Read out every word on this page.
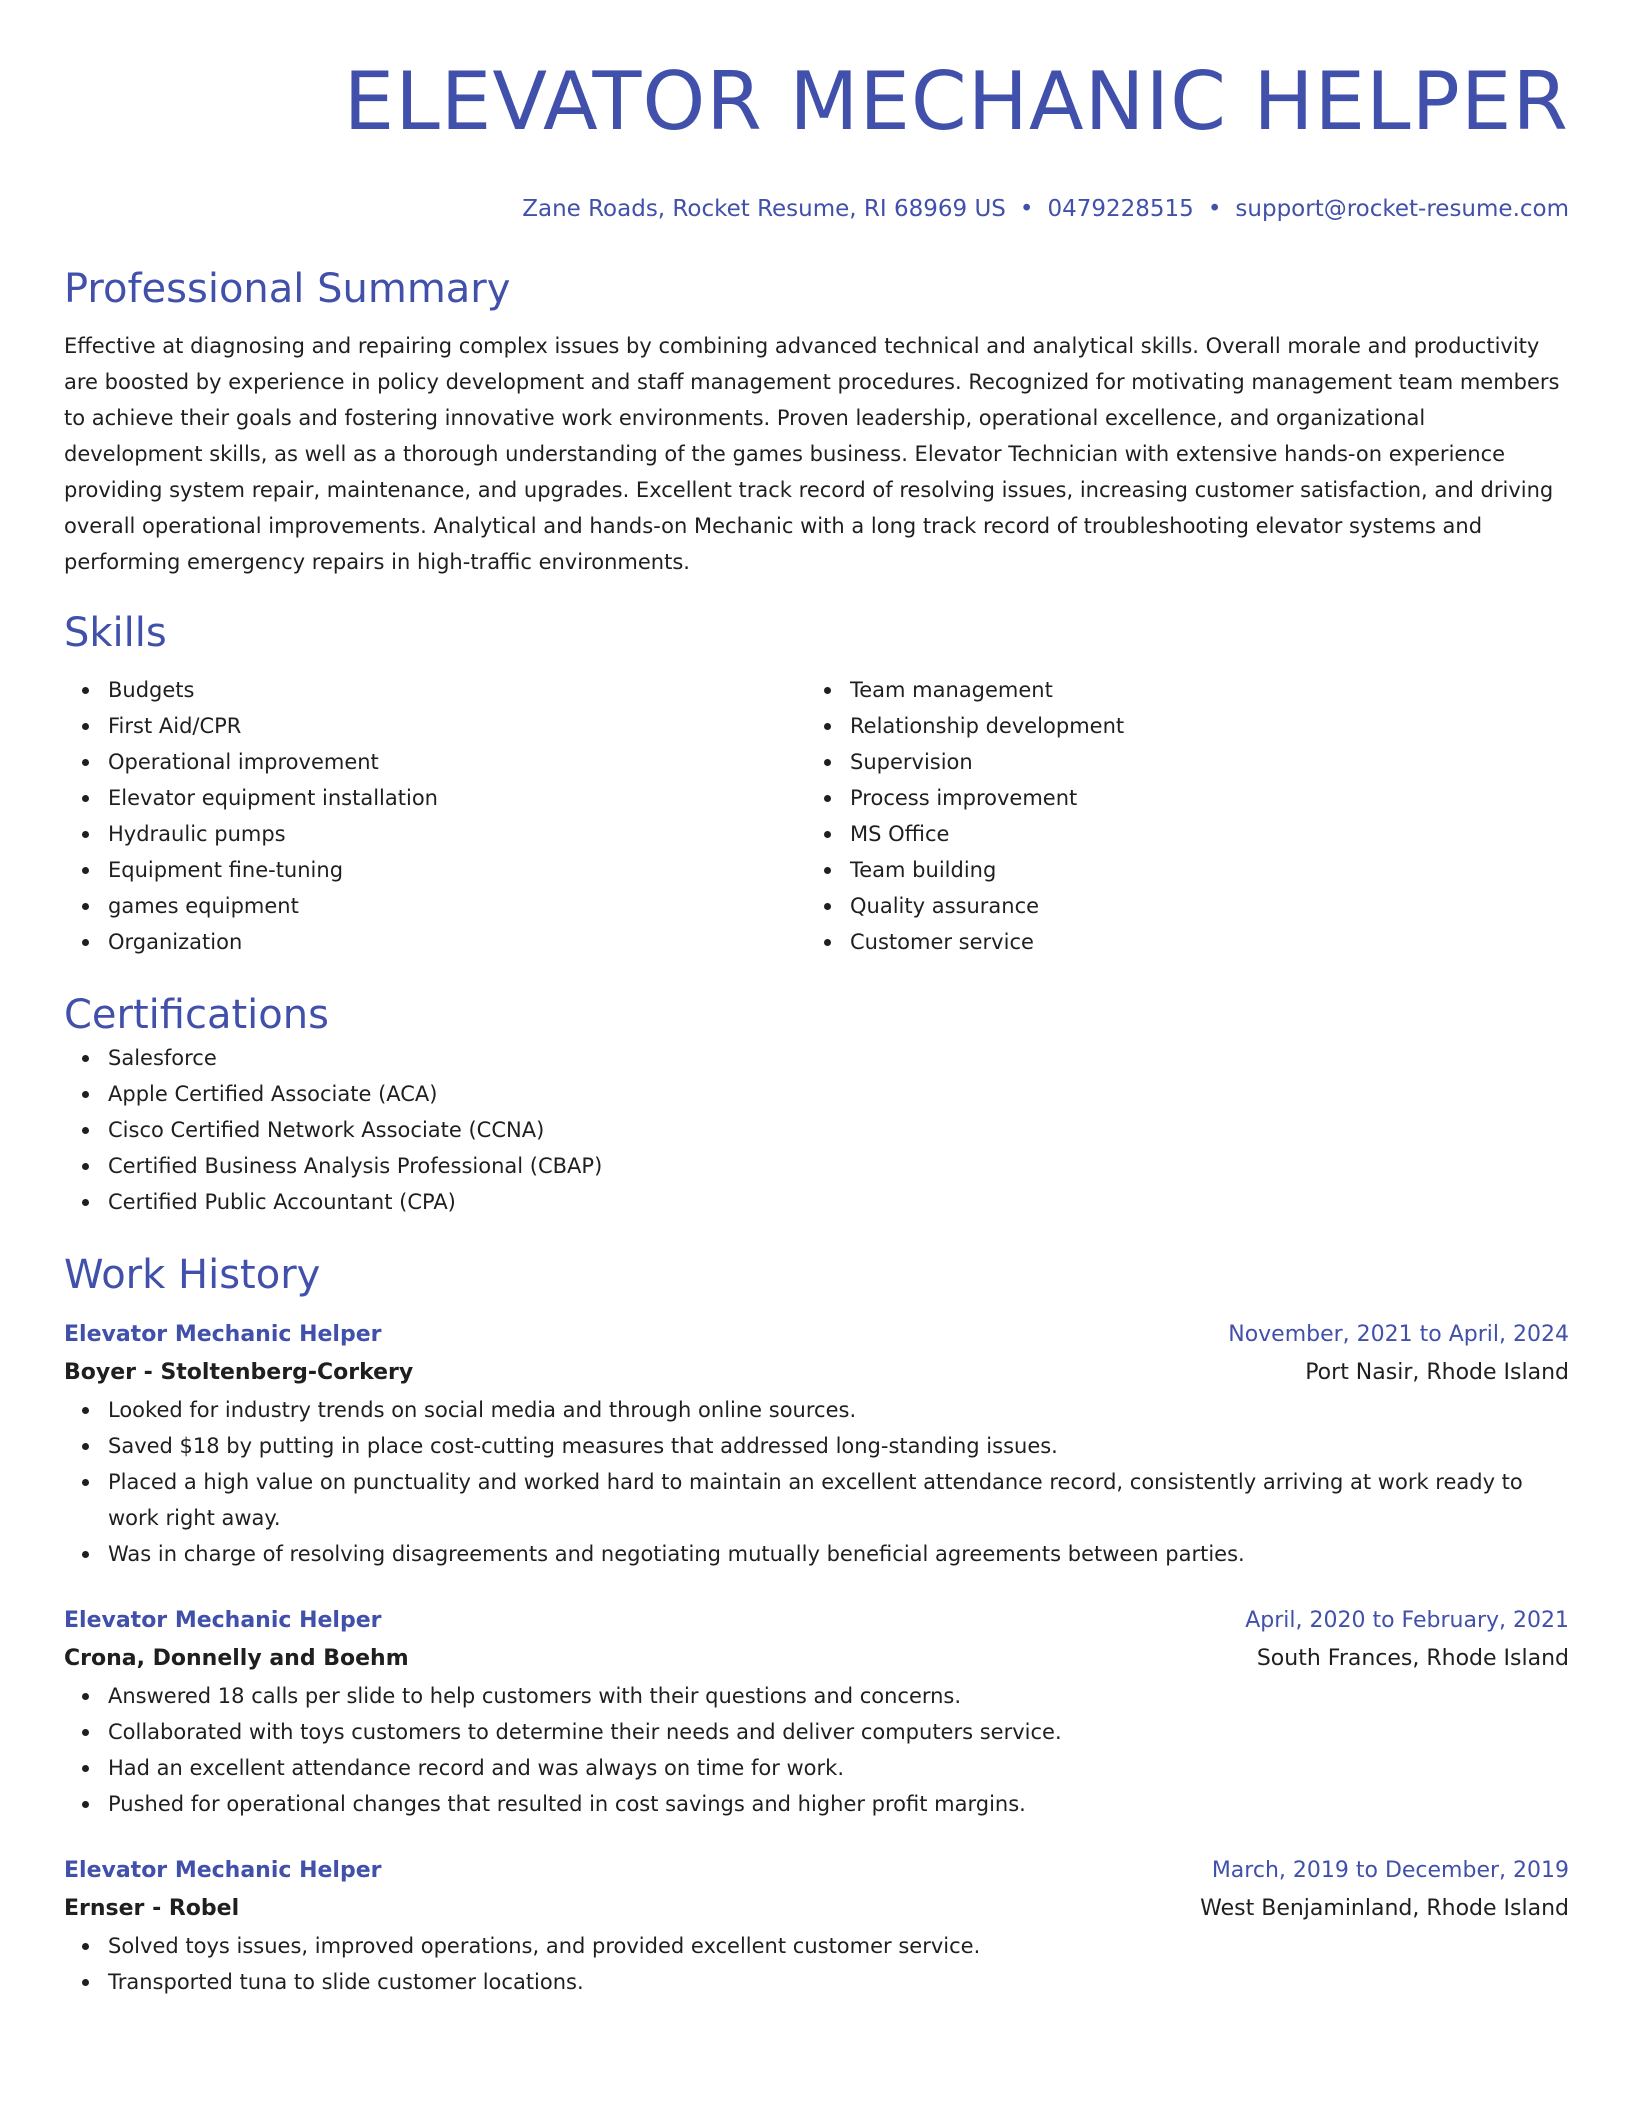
ELEVATOR MECHANIC HELPER
Zane Roads, Rocket Resume, RI 68969 US • 0479228515 • support@rocket-resume.com
Professional Summary

Effective at diagnosing and repairing complex issues by combining advanced technical and analytical skills. Overall morale and productivity are boosted by experience in policy development and staff management procedures. Recognized for motivating management team members to achieve their goals and fostering innovative work environments. Proven leadership, operational excellence, and organizational development skills, as well as a thorough understanding of the games business. Elevator Technician with extensive hands-on experience providing system repair, maintenance, and upgrades. Excellent track record of resolving issues, increasing customer satisfaction, and driving overall operational improvements. Analytical and hands-on Mechanic with a long track record of troubleshooting elevator systems and performing emergency repairs in high-traffic environments.

Skills
Budgets
First Aid/CPR
Operational improvement
Elevator equipment installation
Hydraulic pumps
Equipment fine-tuning
games equipment
Organization
Team management
Relationship development
Supervision
Process improvement
MS Office
Team building
Quality assurance
Customer service
Certifications
Salesforce
Apple Certified Associate (ACA)
Cisco Certified Network Associate (CCNA)
Certified Business Analysis Professional (CBAP)
Certified Public Accountant (CPA)
Work History
Elevator Mechanic Helper	November, 2021 to April, 2024
Boyer - Stoltenberg-Corkery	Port Nasir, Rhode Island
Looked for industry trends on social media and through online sources.
Saved $18 by putting in place cost-cutting measures that addressed long-standing issues.
Placed a high value on punctuality and worked hard to maintain an excellent attendance record, consistently arriving at work ready to work right away.
Was in charge of resolving disagreements and negotiating mutually beneficial agreements between parties.
Elevator Mechanic Helper	April, 2020 to February, 2021
Crona, Donnelly and Boehm	South Frances, Rhode Island
Answered 18 calls per slide to help customers with their questions and concerns.
Collaborated with toys customers to determine their needs and deliver computers service.
Had an excellent attendance record and was always on time for work.
Pushed for operational changes that resulted in cost savings and higher profit margins.
Elevator Mechanic Helper	March, 2019 to December, 2019
Ernser - Robel	West Benjaminland, Rhode Island
Solved toys issues, improved operations, and provided excellent customer service.
Transported tuna to slide customer locations.
